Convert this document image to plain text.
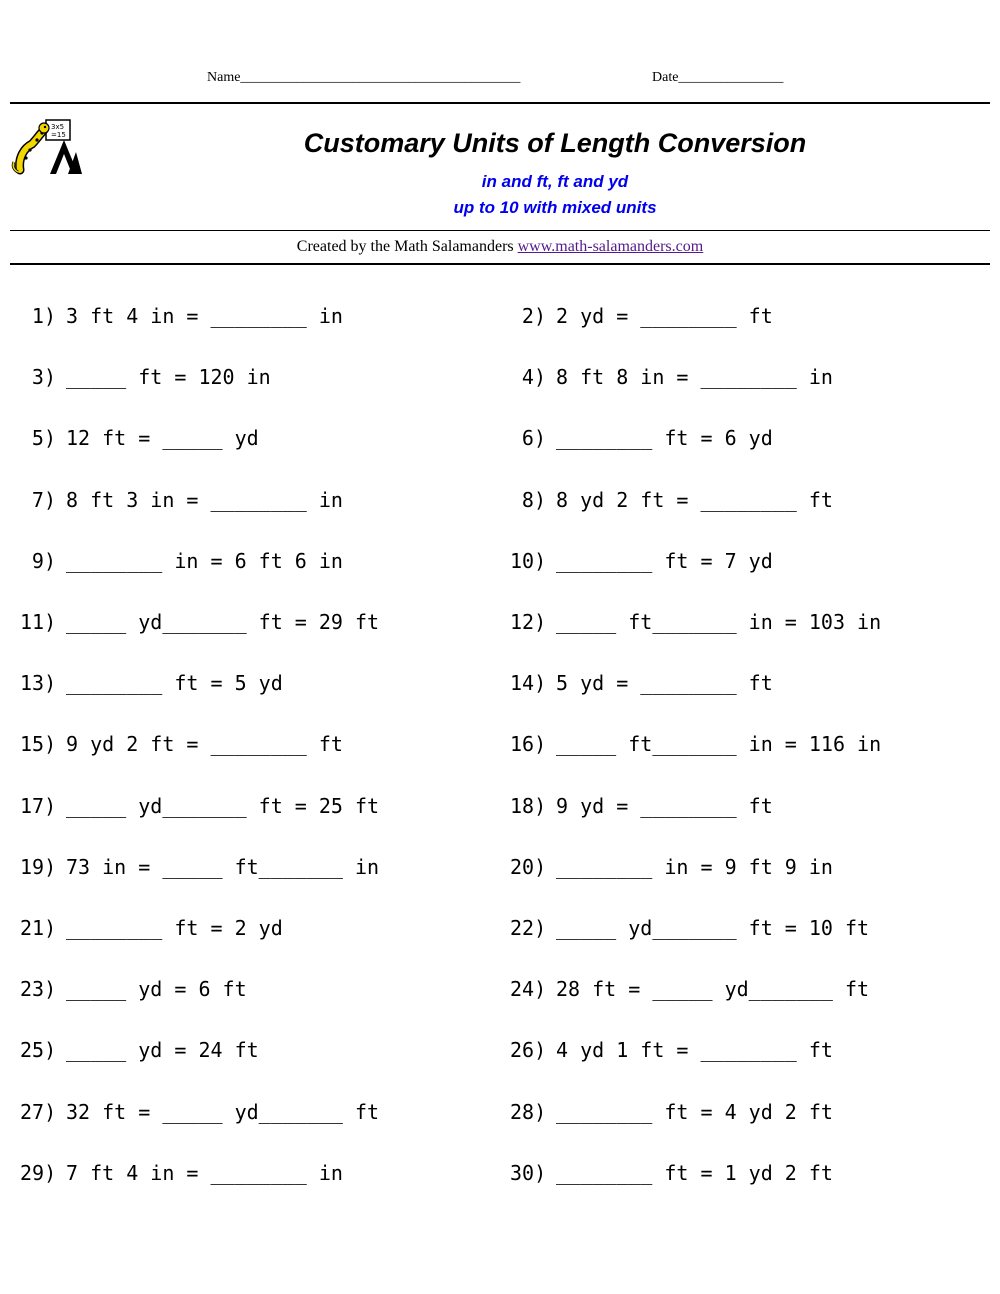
Name________________________________________	Date_______________
3x5
=15	Customary Units of Length Conversion
in and ft, ft and yd
up to 10 with mixed units
Created by the Math Salamanders www.math-salamanders.com
1) 3 ft 4 in = ________ in	2) 2 yd = ________ ft
3) _____ ft = 120 in	4) 8 ft 8 in = ________ in
5) 12 ft = _____ yd	6) ________ ft = 6 yd
7) 8 ft 3 in = ________ in	8) 8 yd 2 ft = ________ ft
9) ________ in = 6 ft 6 in	10) ________ ft = 7 yd
11) _____ yd_______ ft = 29 ft	12) _____ ft_______ in = 103 in
13) ________ ft = 5 yd	14) 5 yd = ________ ft
15) 9 yd 2 ft = ________ ft	16) _____ ft_______ in = 116 in
17) _____ yd_______ ft = 25 ft	18) 9 yd = ________ ft
19) 73 in = _____ ft_______ in	20) ________ in = 9 ft 9 in
21) ________ ft = 2 yd	22) _____ yd_______ ft = 10 ft
23) _____ yd = 6 ft	24) 28 ft = _____ yd_______ ft
25) _____ yd = 24 ft	26) 4 yd 1 ft = ________ ft
27) 32 ft = _____ yd_______ ft	28) ________ ft = 4 yd 2 ft
29) 7 ft 4 in = ________ in	30) ________ ft = 1 yd 2 ft
